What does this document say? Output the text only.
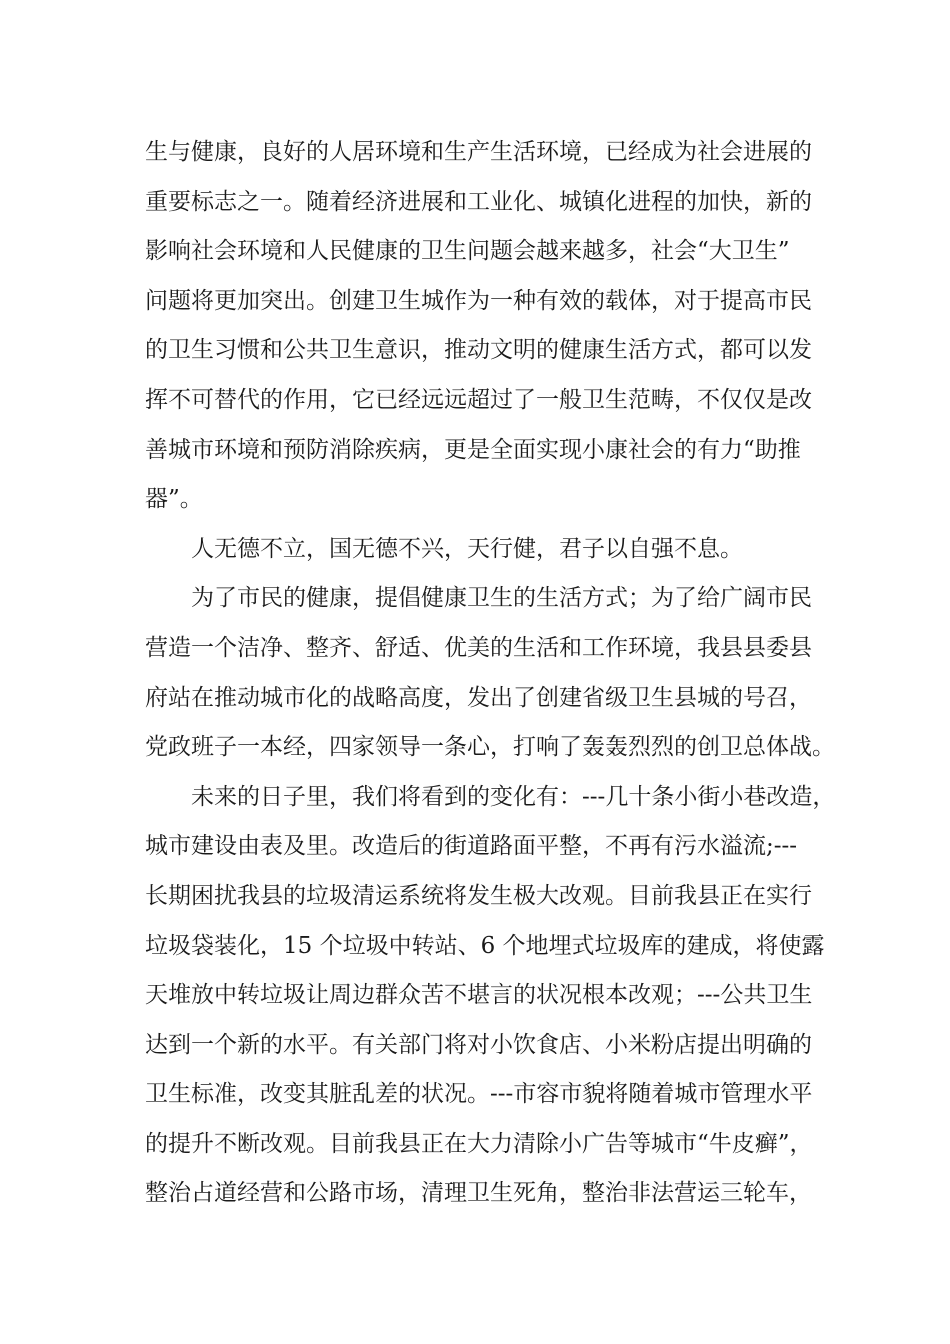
生与健康，良好的人居环境和生产生活环境，已经成为社会进展的
重要标志之一。随着经济进展和工业化、城镇化进程的加快，新的
影响社会环境和人民健康的卫生问题会越来越多，社会“大卫生”
问题将更加突出。创建卫生城作为一种有效的载体，对于提高市民
的卫生习惯和公共卫生意识，推动文明的健康生活方式，都可以发
挥不可替代的作用，它已经远远超过了一般卫生范畴，不仅仅是改
善城市环境和预防消除疾病，更是全面实现小康社会的有力“助推
器”。
人无德不立，国无德不兴，天行健，君子以自强不息。
为了市民的健康，提倡健康卫生的生活方式；为了给广阔市民
营造一个洁净、整齐、舒适、优美的生活和工作环境，我县县委县
府站在推动城市化的战略高度，发出了创建省级卫生县城的号召，
党政班子一本经，四家领导一条心，打响了轰轰烈烈的创卫总体战。
未来的日子里，我们将看到的变化有：---几十条小街小巷改造，
城市建设由表及里。改造后的街道路面平整，不再有污水溢流;---
长期困扰我县的垃圾清运系统将发生极大改观。目前我县正在实行
垃圾袋装化，15 个垃圾中转站、6 个地埋式垃圾库的建成，将使露
天堆放中转垃圾让周边群众苦不堪言的状况根本改观；---公共卫生
达到一个新的水平。有关部门将对小饮食店、小米粉店提出明确的
卫生标准，改变其脏乱差的状况。---市容市貌将随着城市管理水平
的提升不断改观。目前我县正在大力清除小广告等城市“牛皮癣”，
整治占道经营和公路市场，清理卫生死角，整治非法营运三轮车，
